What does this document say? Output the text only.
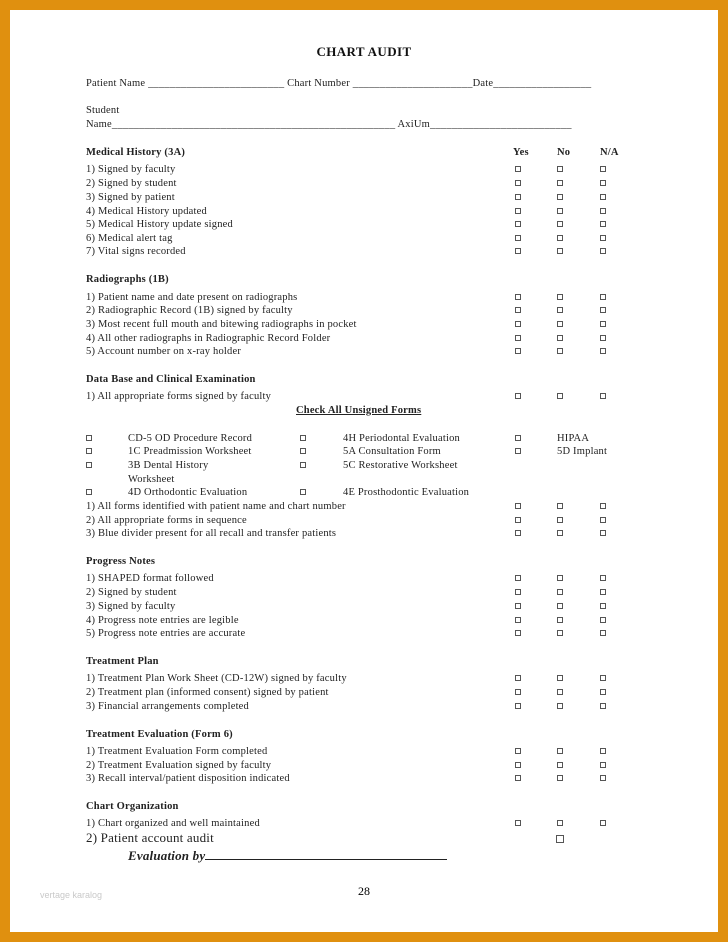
CHART AUDIT
Patient Name _________________________ Chart Number ______________________Date__________________
Student
Name____________________________________________________ AxiUm__________________________
Yes	No	N/A
Medical History (3A)
1) Signed by faculty
2) Signed by student
3) Signed by patient
4) Medical History updated
5) Medical History update signed
6) Medical alert tag
7) Vital signs recorded
Radiographs (1B)
1) Patient name and date present on radiographs
2) Radiographic Record (1B) signed by faculty
3) Most recent full mouth and bitewing radiographs in pocket
4) All other radiographs in Radiographic Record Folder
5) Account number on x-ray holder
Data Base and Clinical Examination
1) All appropriate forms signed by faculty
Check All Unsigned Forms
CD-5 OD Procedure Record
1C Preadmission Worksheet
3B Dental History
Worksheet
4D Orthodontic Evaluation
4H Periodontal Evaluation
5A Consultation Form
5C Restorative Worksheet
4E Prosthodontic Evaluation
HIPAA
5D Implant
1) All forms identified with patient name and chart number
2) All appropriate forms in sequence
3) Blue divider present for all recall and transfer patients
Progress Notes
1) SHAPED format followed
2) Signed by student
3) Signed by faculty
4) Progress note entries are legible
5) Progress note entries are accurate
Treatment Plan
1) Treatment Plan Work Sheet (CD-12W) signed by faculty
2) Treatment plan (informed consent) signed by patient
3) Financial arrangements completed
Treatment Evaluation (Form 6)
1) Treatment Evaluation Form completed
2) Treatment Evaluation signed by faculty
3) Recall interval/patient disposition indicated
Chart Organization
1) Chart organized and well maintained
2) Patient account audit
Evaluation by
28
vertage karalog
